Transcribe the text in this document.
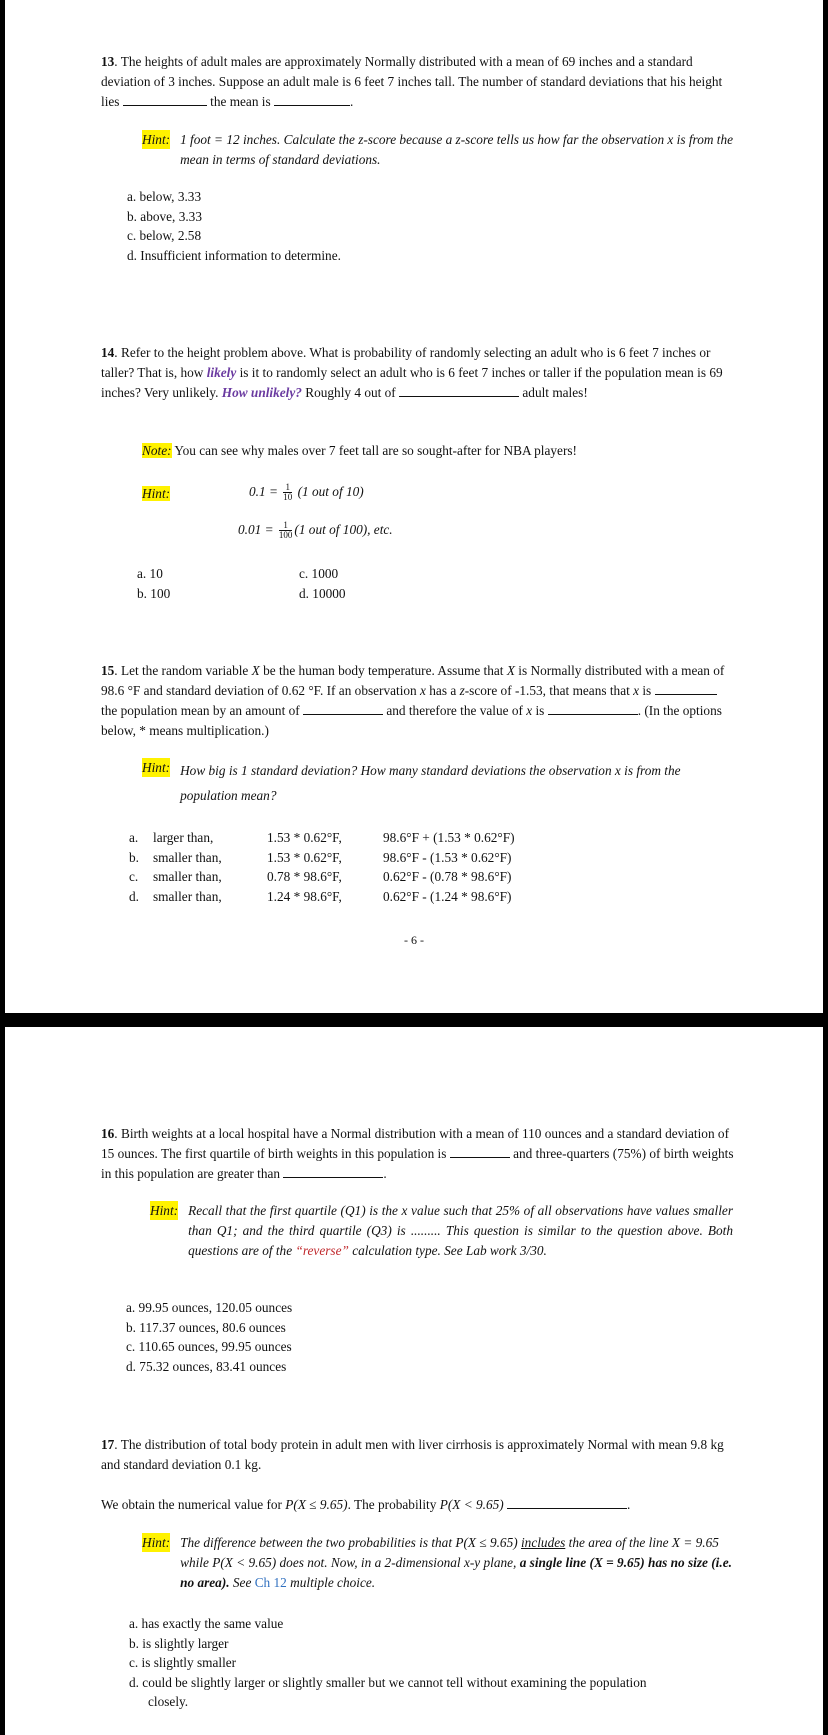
13. The heights of adult males are approximately Normally distributed with a mean of 69 inches and a standard deviation of 3 inches. Suppose an adult male is 6 feet 7 inches tall. The number of standard deviations that his height lies	the mean is	.
Hint: 1 foot = 12 inches. Calculate the z-score because a z-score tells us how far the observation x is from the mean in terms of standard deviations.
a. below, 3.33
b. above, 3.33
c. below, 2.58
d. Insufficient information to determine.
14. Refer to the height problem above. What is probability of randomly selecting an adult who is 6 feet 7 inches or taller? That is, how likely is it to randomly select an adult who is 6 feet 7 inches or taller if the population mean is 69 inches? Very unlikely. How unlikely? Roughly 4 out of	adult males!
Note: You can see why males over 7 feet tall are so sought-after for NBA players!
Hint:	$0.1 = \frac{1}{10} (1$ out of 10)
$0.01 = \frac{1}{100} (1$ out of 100), etc.
a. 10
b. 100
c. 1000
d. 10000
15. Let the random variable X be the human body temperature. Assume that X is Normally distributed with a mean of 98.6 °F and standard deviation of 0.62 °F. If an observation x has a z-score of -1.53, that means that x is  the population mean by an amount of	and therefore the value of x is	. (In the options below, * means multiplication.)
Hint: How big is 1 standard deviation? How many standard deviations the observation x is from the population mean?
a.	larger than,	1.53 * 0.62°F,	98.6°F + (1.53 * 0.62°F)
b.	smaller than,	1.53 * 0.62°F,	98.6°F - (1.53 * 0.62°F)
c.	smaller than,	0.78 * 98.6°F,	0.62°F - (0.78 * 98.6°F)
d.	smaller than,	1.24 * 98.6°F,	0.62°F - (1.24 * 98.6°F)
- 6 -
16. Birth weights at a local hospital have a Normal distribution with a mean of 110 ounces and a standard deviation of 15 ounces. The first quartile of birth weights in this population is	and three-quarters (75%) of birth weights in this population are greater than	.
Hint: Recall that the first quartile (Q1) is the x value such that 25% of all observations have values smaller than Q1; and the third quartile (Q3) is ......... This question is similar to the question above. Both questions are of the “reverse” calculation type. See Lab work 3/30.
a. 99.95 ounces, 120.05 ounces
b. 117.37 ounces, 80.6 ounces
c. 110.65 ounces, 99.95 ounces
d. 75.32 ounces, 83.41 ounces
17. The distribution of total body protein in adult men with liver cirrhosis is approximately Normal with mean 9.8 kg and standard deviation 0.1 kg.
We obtain the numerical value for P(X ≤ 9.65). The probability P(X < 9.65)	.
Hint: The difference between the two probabilities is that P(X ≤ 9.65) includes the area of the line X = 9.65 while P(X < 9.65) does not. Now, in a 2-dimensional x-y plane, a single line (X = 9.65) has no size (i.e. no area). See Ch 12 multiple choice.
a. has exactly the same value
b. is slightly larger
c. is slightly smaller
d. could be slightly larger or slightly smaller but we cannot tell without examining the population
closely.
